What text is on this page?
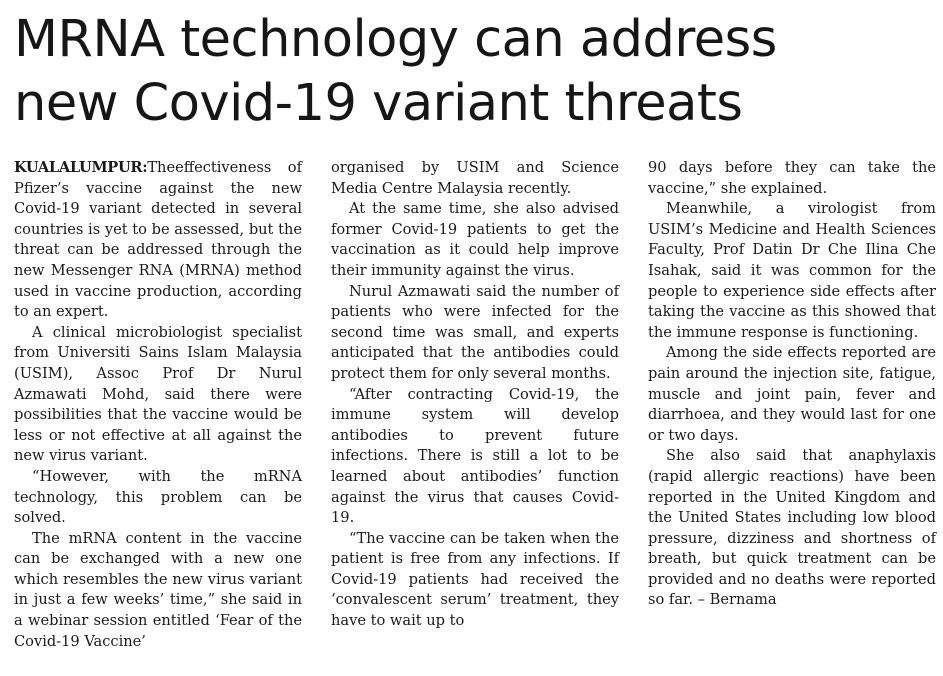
MRNA technology can address
new Covid-19 variant threats

KUALALUMPUR:Theeffectiveness of Pfizer’s vaccine against the new Covid-19 variant detected in several countries is yet to be assessed, but the threat can be addressed through the new Messenger RNA (MRNA) method used in vaccine production, according to an expert.

A clinical microbiologist specialist from Universiti Sains Islam Malaysia (USIM), Assoc Prof Dr Nurul Azmawati Mohd, said there were possibilities that the vaccine would be less or not effective at all against the new virus variant.

“However, with the mRNA technology, this problem can be solved.

The mRNA content in the vaccine can be exchanged with a new one which resembles the new virus variant in just a few weeks’ time,” she said in a webinar session entitled ‘Fear of the Covid-19 Vaccine’

organised by USIM and Science Media Centre Malaysia recently.

At the same time, she also advised former Covid-19 patients to get the vaccination as it could help improve their immunity against the virus.

Nurul Azmawati said the number of patients who were infected for the second time was small, and experts anticipated that the antibodies could protect them for only several months.

“After contracting Covid-19, the immune system will develop antibodies to prevent future infections. There is still a lot to be learned about antibodies’ function against the virus that causes Covid-19.

“The vaccine can be taken when the patient is free from any infections. If Covid-19 patients had received the ‘convalescent serum’ treatment, they have to wait up to

90 days before they can take the vaccine,” she explained.

Meanwhile, a virologist from USIM’s Medicine and Health Sciences Faculty, Prof Datin Dr Che Ilina Che Isahak, said it was common for the people to experience side effects after taking the vaccine as this showed that the immune response is functioning.

Among the side effects reported are pain around the injection site, fatigue, muscle and joint pain, fever and diarrhoea, and they would last for one or two days.

She also said that anaphylaxis (rapid allergic reactions) have been reported in the United Kingdom and the United States including low blood pressure, dizziness and shortness of breath, but quick treatment can be provided and no deaths were reported so far. – Bernama
